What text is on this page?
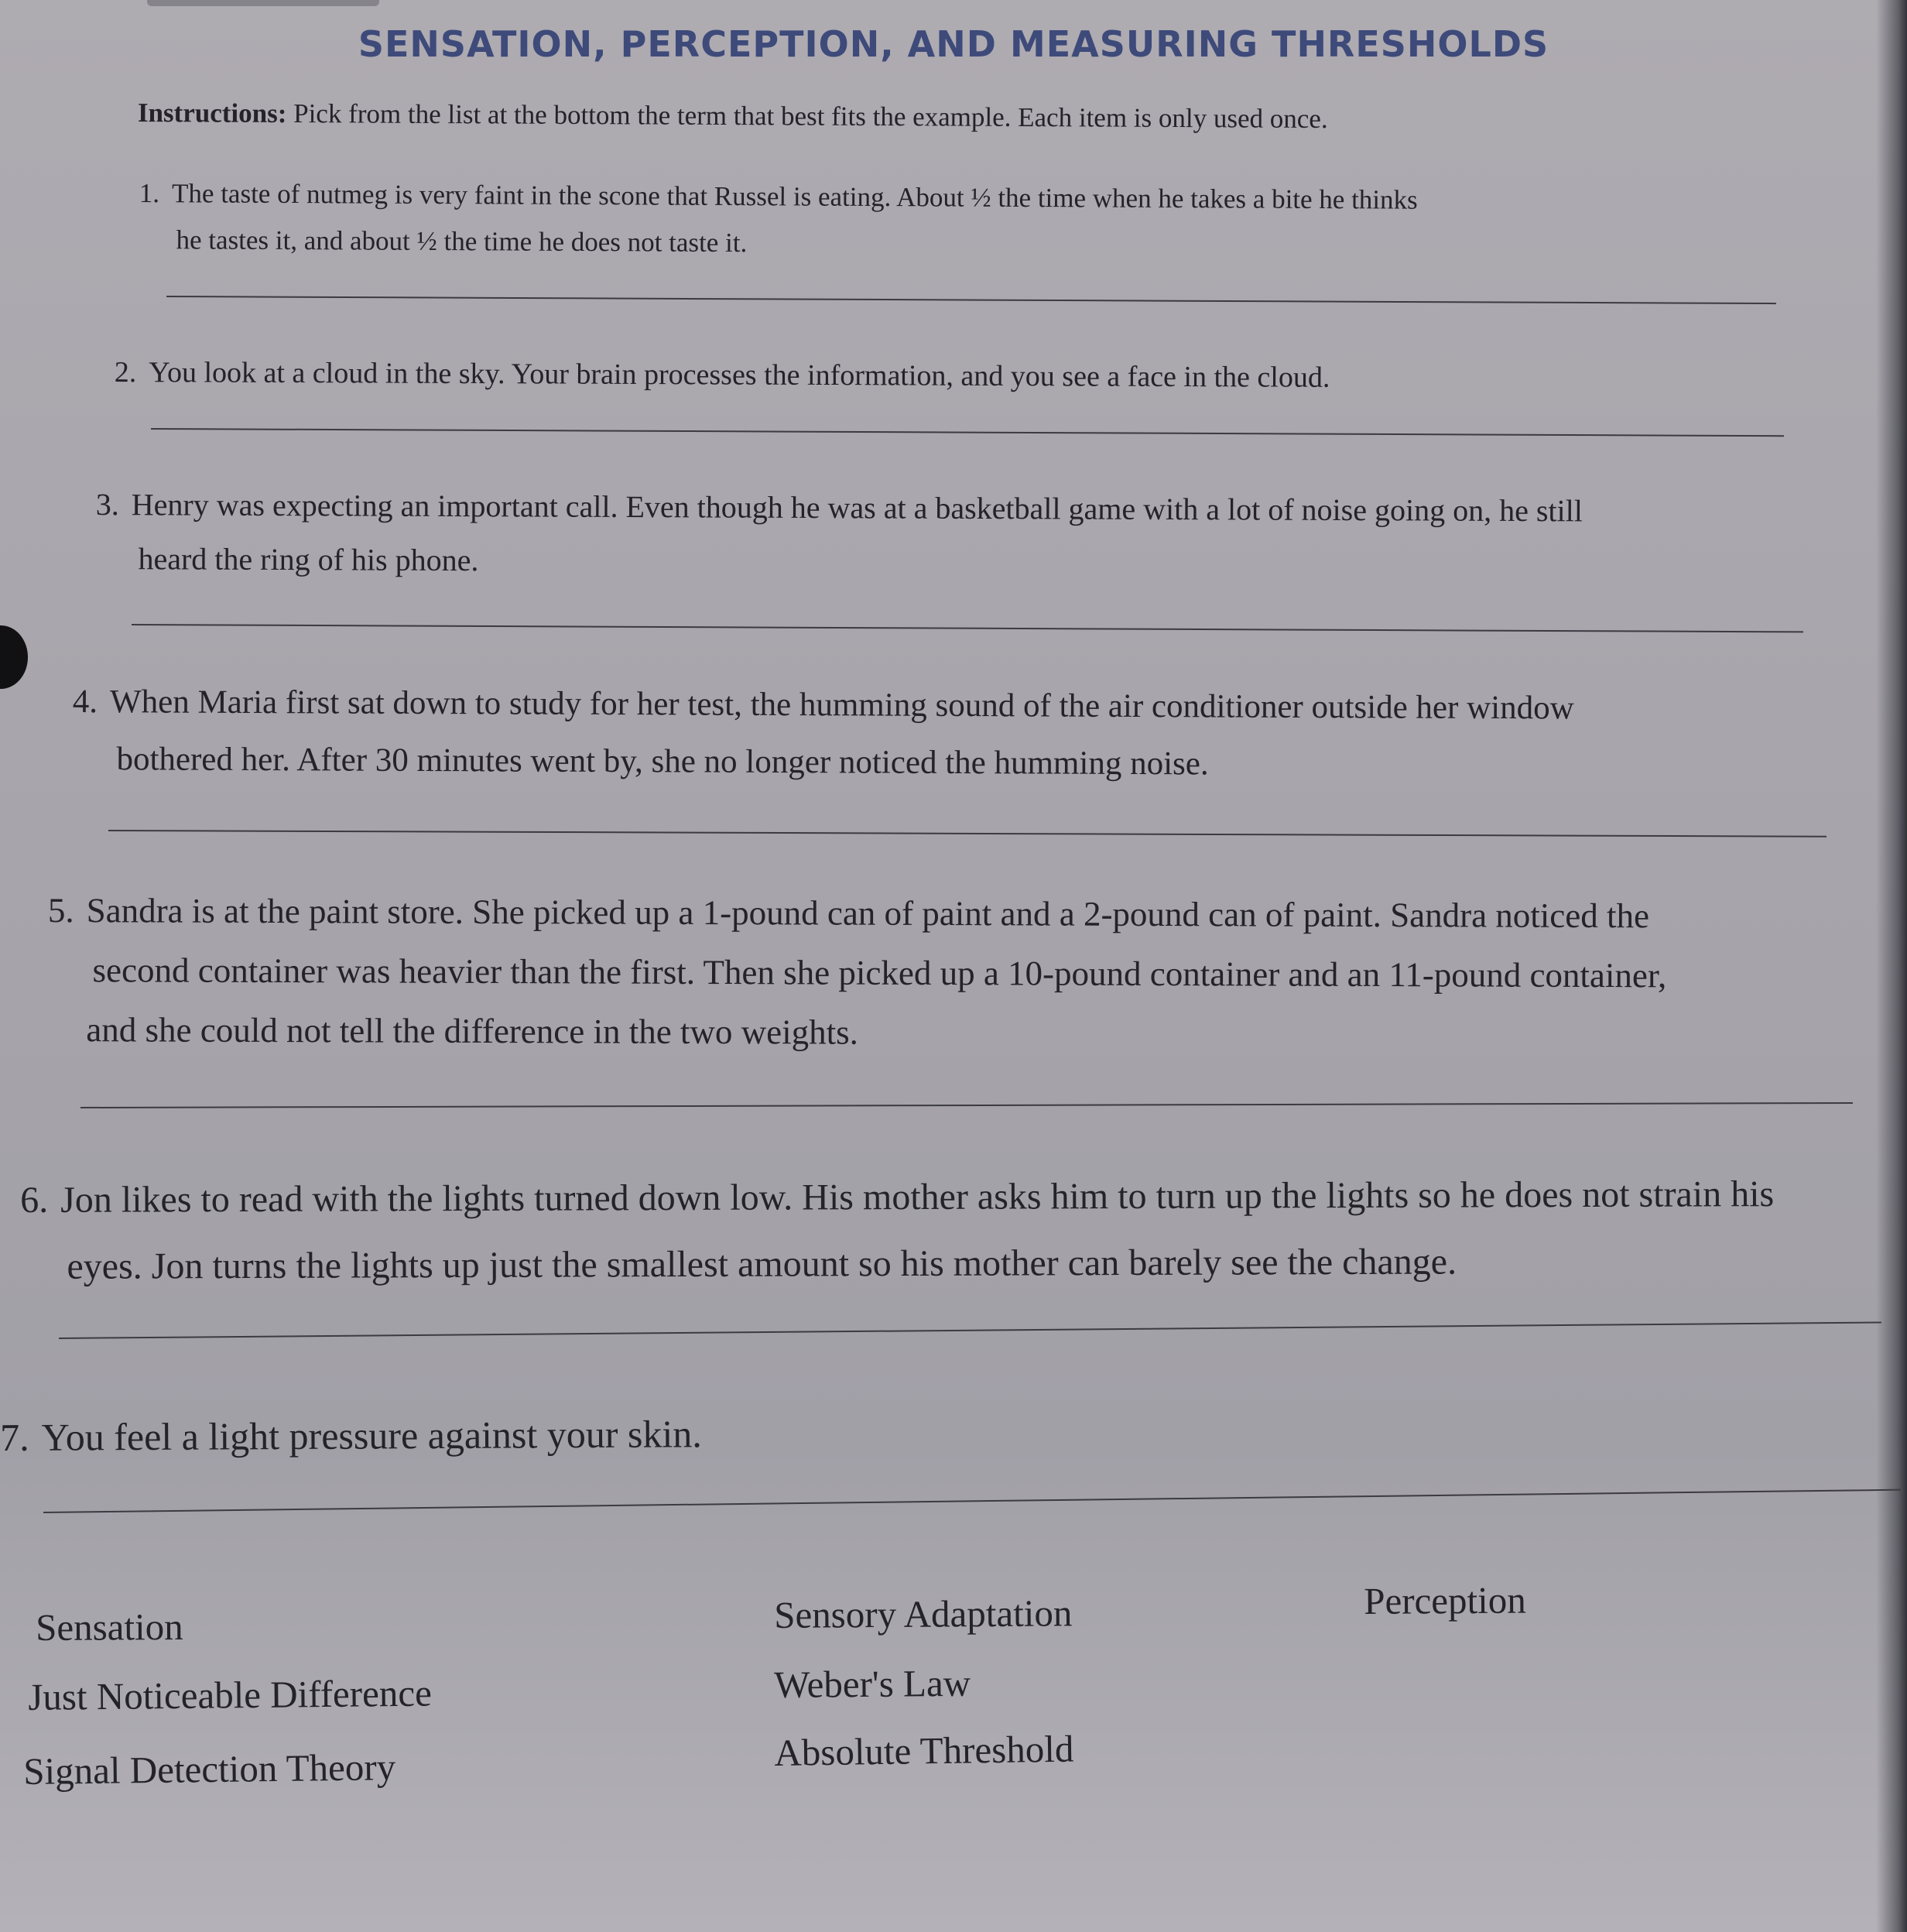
SENSATION, PERCEPTION, AND MEASURING THRESHOLDS
Instructions: Pick from the list at the bottom the term that best fits the example. Each item is only used once.
1. The taste of nutmeg is very faint in the scone that Russel is eating. About ½ the time when he takes a bite he thinks
he tastes it, and about ½ the time he does not taste it.
2. You look at a cloud in the sky. Your brain processes the information, and you see a face in the cloud.
3. Henry was expecting an important call. Even though he was at a basketball game with a lot of noise going on, he still
heard the ring of his phone.
4. When Maria first sat down to study for her test, the humming sound of the air conditioner outside her window
bothered her. After 30 minutes went by, she no longer noticed the humming noise.
5. Sandra is at the paint store. She picked up a 1-pound can of paint and a 2-pound can of paint. Sandra noticed the
second container was heavier than the first. Then she picked up a 10-pound container and an 11-pound container,
and she could not tell the difference in the two weights.
6. Jon likes to read with the lights turned down low. His mother asks him to turn up the lights so he does not strain his
eyes. Jon turns the lights up just the smallest amount so his mother can barely see the change.
7. You feel a light pressure against your skin.
Sensation	Sensory Adaptation	Perception
Just Noticeable Difference	Weber's Law
Signal Detection Theory	Absolute Threshold
